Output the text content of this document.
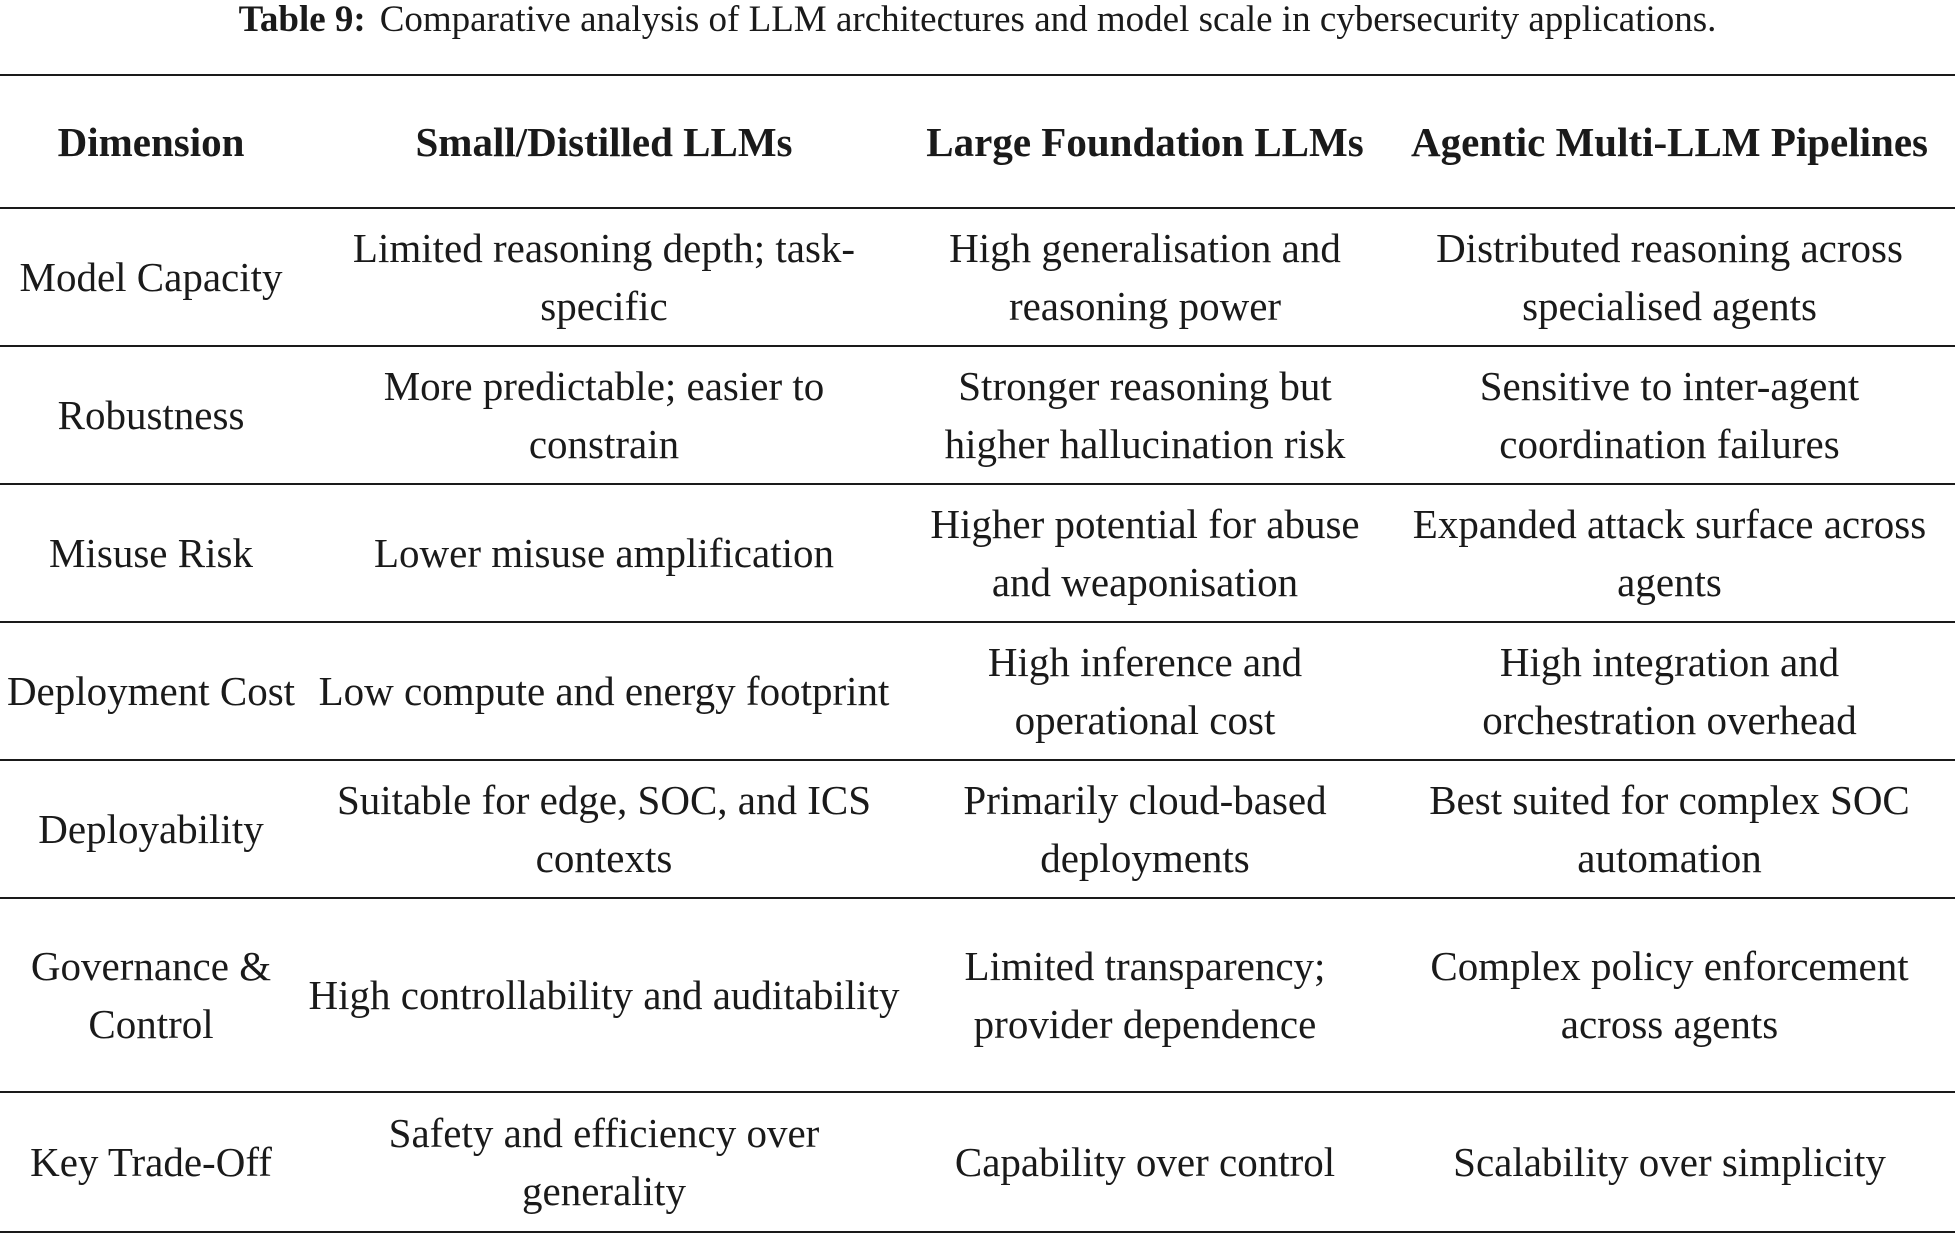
Table 9: Comparative analysis of LLM architectures and model scale in cybersecurity applications.
Dimension	Small/Distilled LLMs	Large Foundation LLMs	Agentic Multi-LLM Pipelines
Model Capacity	Limited reasoning depth; task-specific	High generalisation and reasoning power	Distributed reasoning across specialised agents
Robustness	More predictable; easier to constrain	Stronger reasoning but higher hallucination risk	Sensitive to inter-agent coordination failures
Misuse Risk	Lower misuse amplification	Higher potential for abuse and weaponisation	Expanded attack surface across agents
Deployment Cost	Low compute and energy footprint	High inference and operational cost	High integration and orchestration overhead
Deployability	Suitable for edge, SOC, and ICS contexts	Primarily cloud-based deployments	Best suited for complex SOC automation
Governance & Control	High controllability and auditability	Limited transparency; provider dependence	Complex policy enforcement across agents
Key Trade-Off	Safety and efficiency over generality	Capability over control	Scalability over simplicity
